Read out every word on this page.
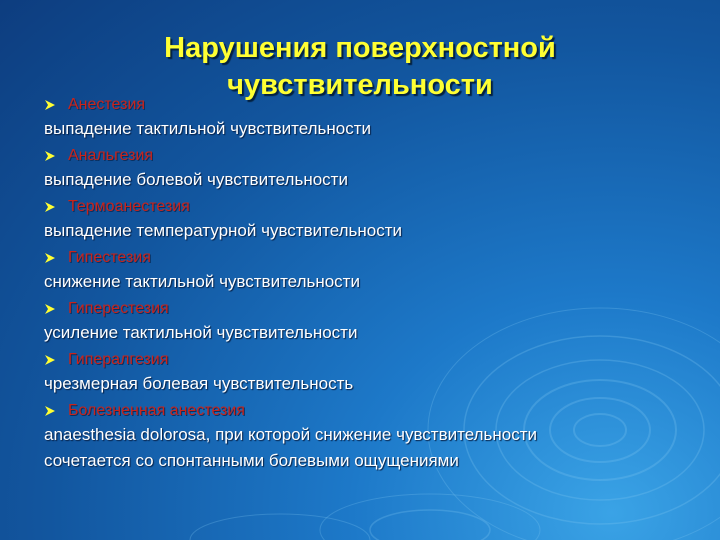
Нарушения поверхностной
чувствительности
Анестезия
выпадение тактильной чувствительности
Анальгезия
выпадение болевой чувствительности
Термоанестезия
выпадение температурной чувствительности
Гипестезия
снижение тактильной чувствительности
Гиперестезия
усиление тактильной чувствительности
Гипералгезия
чрезмерная болевая чувствительность
Болезненная анестезия
anaesthesia dolorosa, при которой снижение чувствительности
сочетается со спонтанными болевыми ощущениями
